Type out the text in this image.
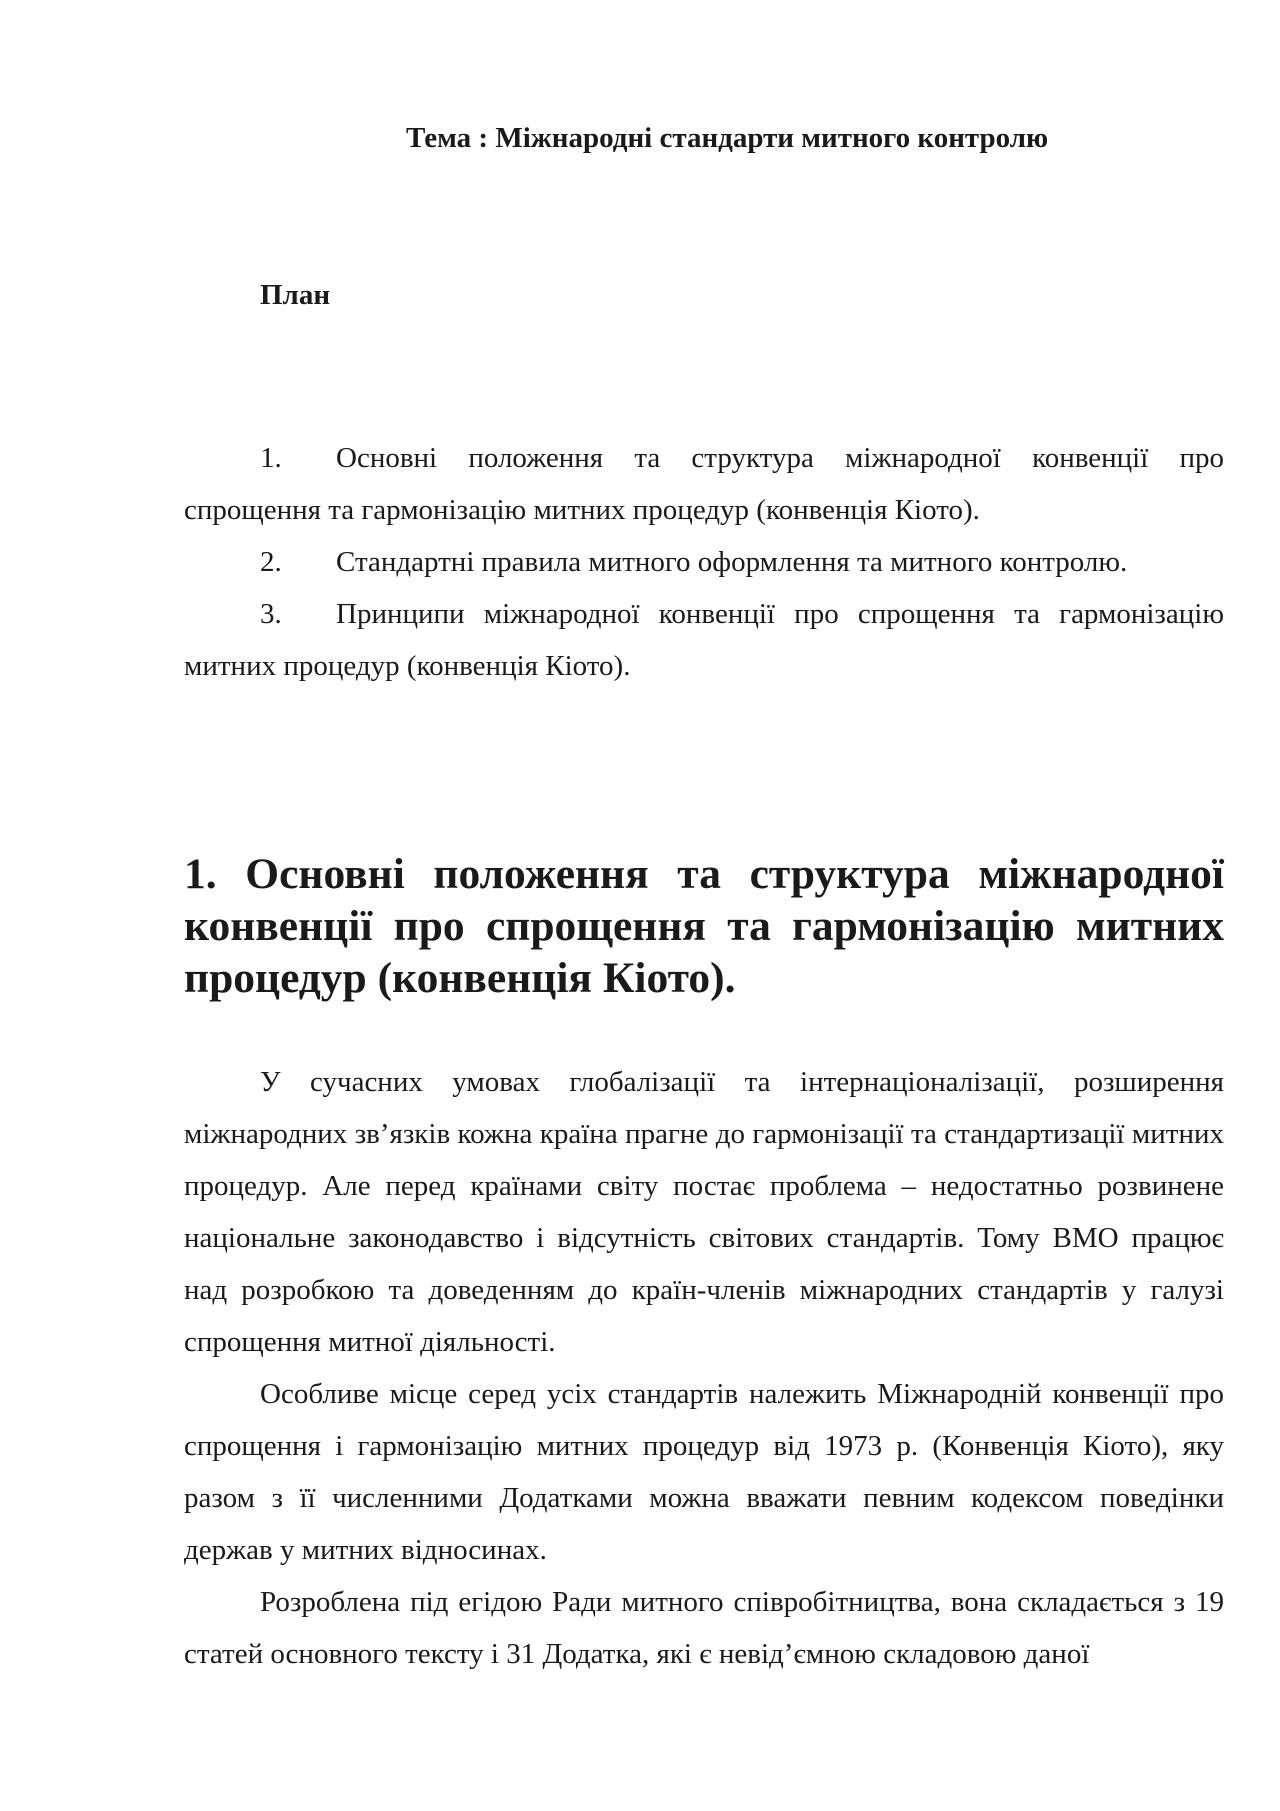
Тема : Міжнародні стандарти митного контролю
План
1. Основні положення та структура міжнародної конвенції про спрощення та гармонізацію митних процедур (конвенція Кіото).
2. Стандартні правила митного оформлення та митного контролю.
3. Принципи міжнародної конвенції про спрощення та гармонізацію митних процедур (конвенція Кіото).
1. Основні положення та структура міжнародної конвенції про спрощення та гармонізацію митних процедур (конвенція Кіото).

У сучасних умовах глобалізації та інтернаціоналізації, розширення міжнародних зв’язків кожна країна прагне до гармонізації та стандартизації митних процедур. Але перед країнами світу постає проблема – недостатньо розвинене національне законодавство і відсутність світових стандартів. Тому ВМО працює над розробкою та доведенням до країн-членів міжнародних стандартів у галузі спрощення митної діяльності.

Особливе місце серед усіх стандартів належить Міжнародній конвенції про спрощення і гармонізацію митних процедур від 1973 р. (Конвенція Кіото), яку разом з її численними Додатками можна вважати певним кодексом поведінки держав у митних відносинах.

Розроблена під егідою Ради митного співробітництва, вона складається з 19 статей основного тексту і 31 Додатка, які є невід’ємною складовою даної
